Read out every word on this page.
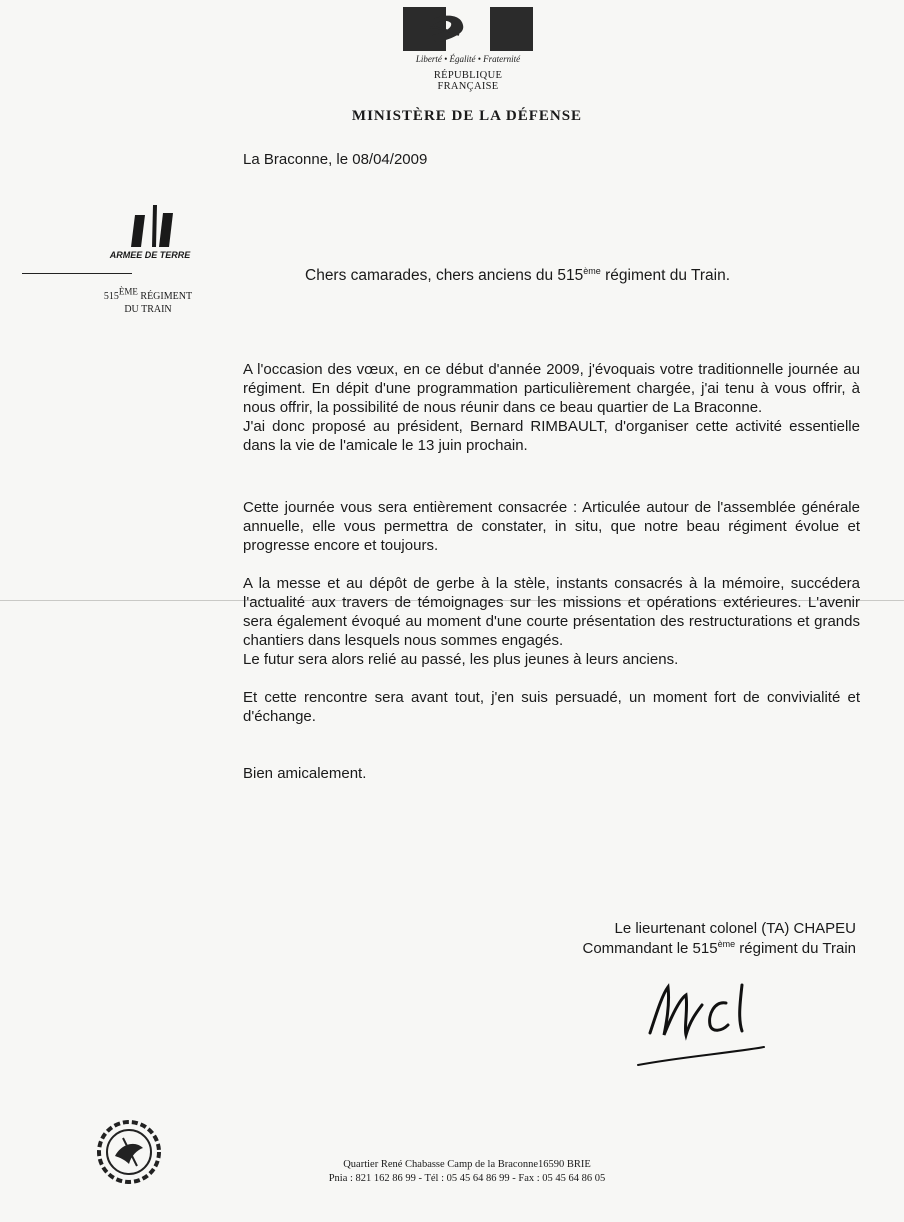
Liberté • Égalité • Fraternité
RÉPUBLIQUE FRANÇAISE
MINISTÈRE DE LA DÉFENSE
La Braconne, le 08/04/2009
ARMEE DE TERRE
515ÈME RÉGIMENT
DU TRAIN
Chers camarades, chers anciens du 515ème régiment du Train.

A l'occasion des vœux, en ce début d'année 2009, j'évoquais votre traditionnelle journée au régiment. En dépit d'une programmation particulièrement chargée, j'ai tenu à vous offrir, à nous offrir, la possibilité de nous réunir dans ce beau quartier de La Braconne.

J'ai donc proposé au président, Bernard RIMBAULT, d'organiser cette activité essentielle dans la vie de l'amicale le 13 juin prochain.

Cette journée vous sera entièrement consacrée : Articulée autour de l'assemblée générale annuelle, elle vous permettra de constater, in situ, que notre beau régiment évolue et progresse encore et toujours.

A la messe et au dépôt de gerbe à la stèle, instants consacrés à la mémoire, succédera l'actualité aux travers de témoignages sur les missions et opérations extérieures. L'avenir sera également évoqué au moment d'une courte présentation des restructurations et grands chantiers dans lesquels nous sommes engagés.

Le futur sera alors relié au passé, les plus jeunes à leurs anciens.

Et cette rencontre sera avant tout, j'en suis persuadé, un moment fort de convivialité et d'échange.

Bien amicalement.
Le lieurtenant colonel (TA) CHAPEU
Commandant le 515ème régiment du Train
Quartier René Chabasse Camp de la Braconne16590 BRIE
Pnia : 821 162 86 99 - Tél : 05 45 64 86 99 - Fax : 05 45 64 86 05
